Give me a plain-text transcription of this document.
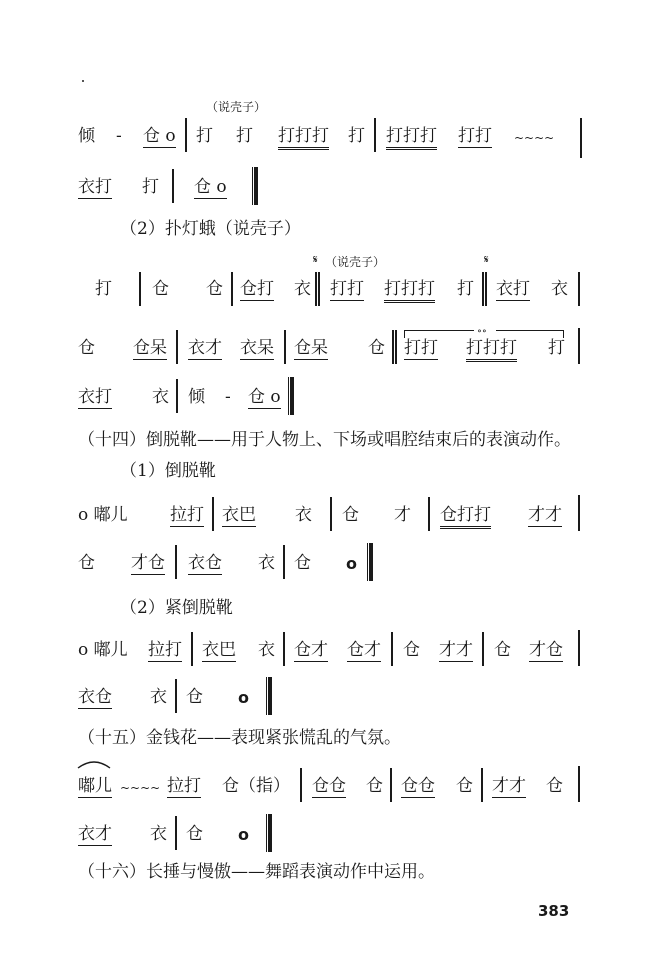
（说壳子）
倾 - 仓 o 打 打 打打打 打 打打打 打打 ~~~~
衣打 打 仓 o
（2）扑灯蛾（说壳子）
𝄋 （说壳子）	𝄋
打 仓 仓 仓打 衣 打打 打打打 打 衣打 衣
∘∘
仓 仓呆 衣才 衣呆 仓呆 仓 打打 打打打 打
衣打 衣 倾 - 仓 o
（十四）倒脱靴——用于人物上、下场或唱腔结束后的表演动作。
（1）倒脱靴
o 嘟儿 拉打 衣巴 衣 仓 才 仓打打 才才
仓 才仓 衣仓 衣 仓 o
（2）紧倒脱靴
o 嘟儿 拉打 衣巴 衣 仓才 仓才 仓 才才 仓 才仓
衣仓 衣 仓 o
（十五）金钱花——表现紧张慌乱的气氛。
嘟儿 ~~~~ 拉打 仓（指） 仓仓 仓 仓仓 仓 才才 仓
衣才 衣 仓 o
（十六）长捶与慢傲——舞蹈表演动作中运用。
383
